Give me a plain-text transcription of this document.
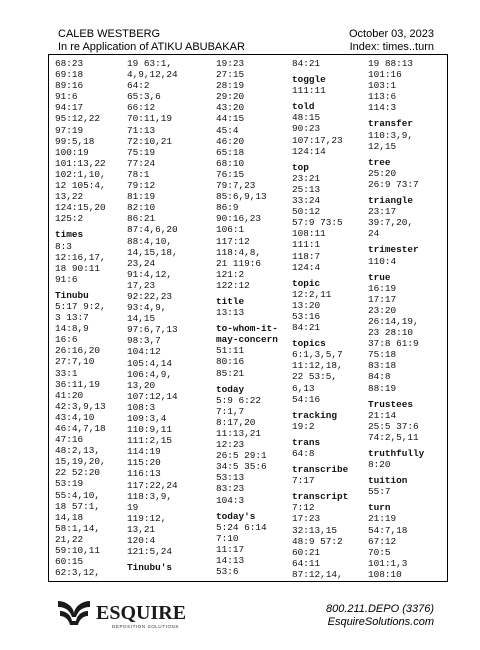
CALEB WESTBERG
In re Application of ATIKU ABUBAKAR
October 03, 2023
Index: times..turn
68:23
69:18
89:16
91:6
94:17
95:12,22
97:19
99:5,18
100:19
101:13,22
102:1,10,
12 105:4,
13,22
124:15,20
125:2
times
8:3
12:16,17,
18 90:11
91:6
Tinubu
5:17 9:2,
3 13:7
14:8,9
16:6
26:16,20
27:7,10
33:1
36:11,19
41:20
42:3,9,13
43:4,10
46:4,7,18
47:16
48:2,13,
15,19,20,
22 52:20
53:19
55:4,10,
18 57:1,
14,18
58:1,14,
21,22
59:10,11
60:15
62:3,12,
19 63:1,
4,9,12,24
64:2
65:3,6
66:12
70:11,19
71:13
72:10,21
75:19
77:24
78:1
79:12
81:19
82:10
86:21
87:4,6,20
88:4,10,
14,15,18,
23,24
91:4,12,
17,23
92:22,23
93:4,9,
14,15
97:6,7,13
98:3,7
104:12
105:4,14
106:4,9,
13,20
107:12,14
108:3
109:3,4
110:9,11
111:2,15
114:19
115:20
116:13
117:22,24
118:3,9,
19
119:12,
13,21
120:4
121:5,24
Tinubu's
19:23
27:15
28:19
29:20
43:20
44:15
45:4
46:20
65:18
68:10
76:15
79:7,23
85:6,9,13
86:9
90:16,23
106:1
117:12
118:4,8,
21 119:6
121:2
122:12
title
13:13
to-whom-it-
may-concern
51:11
80:16
85:21
today
5:9 6:22
7:1,7
8:17,20
11:13,21
12:23
26:5 29:1
34:5 35:6
53:13
83:23
104:3
today's
5:24 6:14
7:10
11:17
14:13
53:6
84:21
toggle
111:11
told
48:15
90:23
107:17,23
124:14
top
23:21
25:13
33:24
50:12
57:9 73:5
108:11
111:1
118:7
124:4
topic
12:2,11
13:20
53:16
84:21
topics
6:1,3,5,7
11:12,18,
22 53:5,
6,13
54:16
tracking
19:2
trans
64:8
transcribe
7:17
transcript
7:12
17:23
32:13,15
48:9 57:2
60:21
64:11
87:12,14,
19 88:13
101:16
103:1
113:6
114:3
transfer
110:3,9,
12,15
tree
25:20
26:9 73:7
triangle
23:17
39:7,20,
24
trimester
110:4
true
16:19
17:17
23:20
26:14,19,
23 28:10
37:8 61:9
75:18
83:18
84:8
88:19
Trustees
21:14
25:5 37:6
74:2,5,11
truthfully
8:20
tuition
55:7
turn
21:19
54:7,18
67:12
70:5
101:1,3
108:10
ESQUIRE
DEPOSITION SOLUTIONS
800.211.DEPO (3376)
EsquireSolutions.com
